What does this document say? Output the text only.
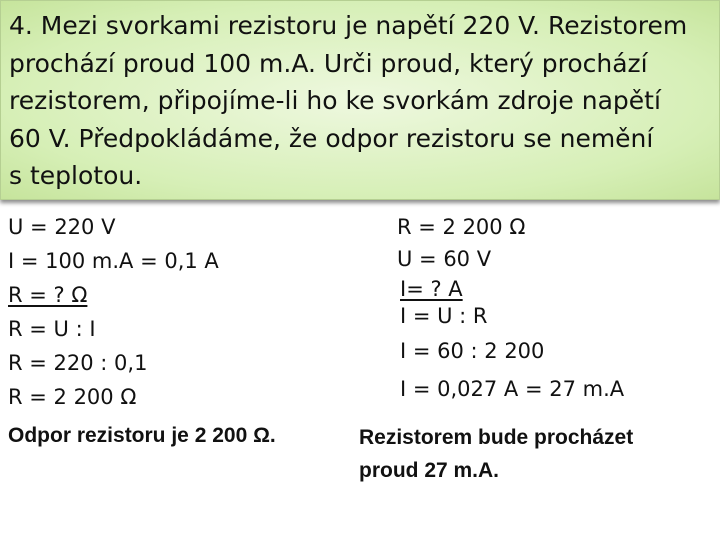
4. Mezi svorkami rezistoru je napětí 220 V. Rezistorem

prochází proud 100 m.A. Urči proud, který prochází

rezistorem, připojíme-li ho ke svorkám zdroje napětí

60 V. Předpokládáme, že odpor rezistoru se nemění

s teplotou.

U = 220 V
I = 100 m.A = 0,1 A
R = ? Ω
R = U : I
R = 220 : 0,1
R = 2 200 Ω
Odpor rezistoru je 2 200 Ω.
R = 2 200 Ω
U = 60 V
I= ? A
I = U : R
I = 60 : 2 200
I = 0,027 A = 27 m.A
Rezistorem bude procházet
proud 27 m.A.
